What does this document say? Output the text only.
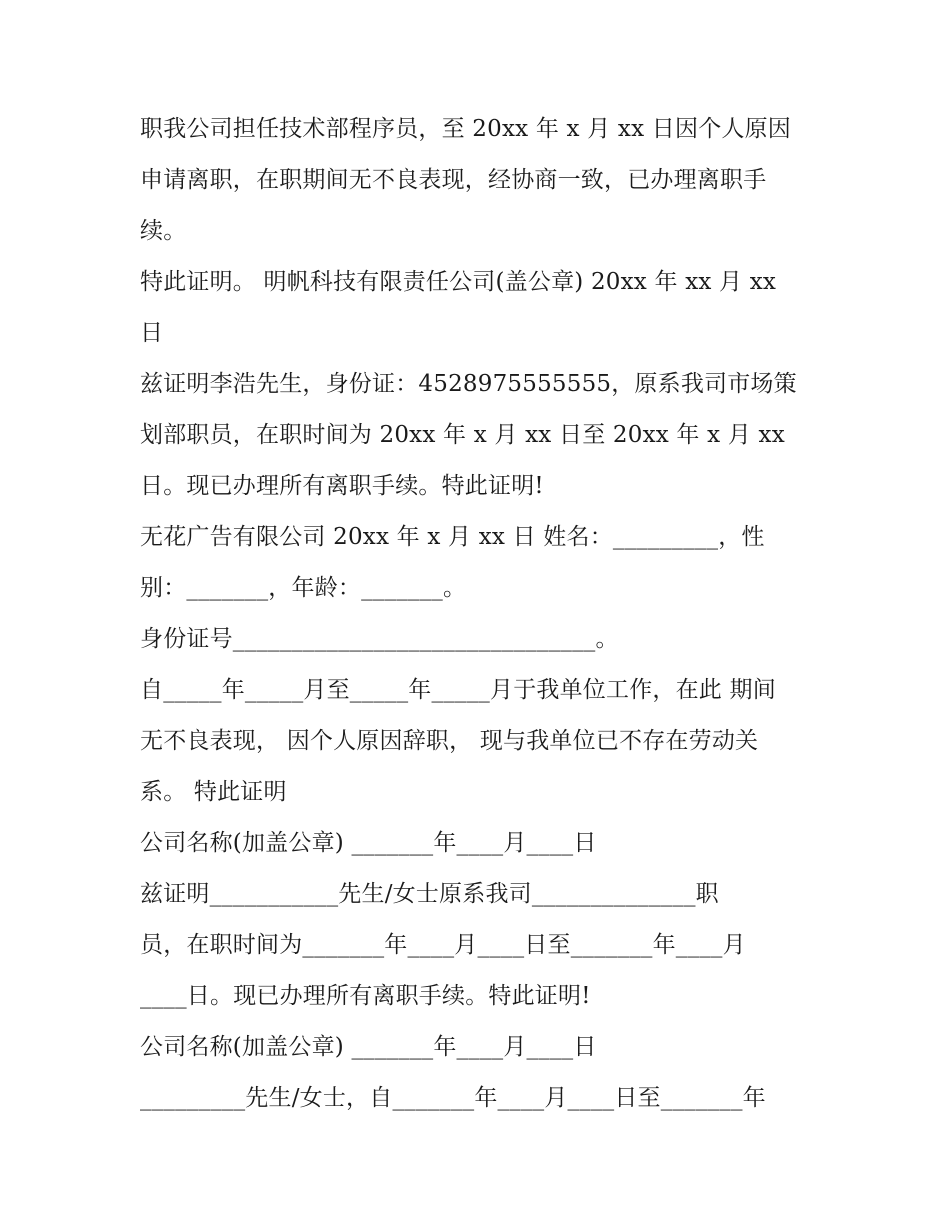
职我公司担任技术部程序员，至 20xx 年 x 月 xx 日因个人原因
申请离职，在职期间无不良表现，经协商一致，已办理离职手
续。
特此证明。 明帆科技有限责任公司(盖公章) 20xx 年 xx 月 xx
日
兹证明李浩先生，身份证：4528975555555，原系我司市场策
划部职员，在职时间为 20xx 年 x 月 xx 日至 20xx 年 x 月 xx
日。现已办理所有离职手续。特此证明!
无花广告有限公司 20xx 年 x 月 xx 日 姓名：_________，性
别：_______，年龄：_______。
身份证号_______________________________。
自_____年_____月至_____年_____月于我单位工作，在此 期间
无不良表现， 因个人原因辞职， 现与我单位已不存在劳动关
系。 特此证明
公司名称(加盖公章) _______年____月____日
兹证明___________先生/女士原系我司______________职
员，在职时间为_______年____月____日至_______年____月
____日。现已办理所有离职手续。特此证明!
公司名称(加盖公章) _______年____月____日
_________先生/女士，自_______年____月____日至_______年
